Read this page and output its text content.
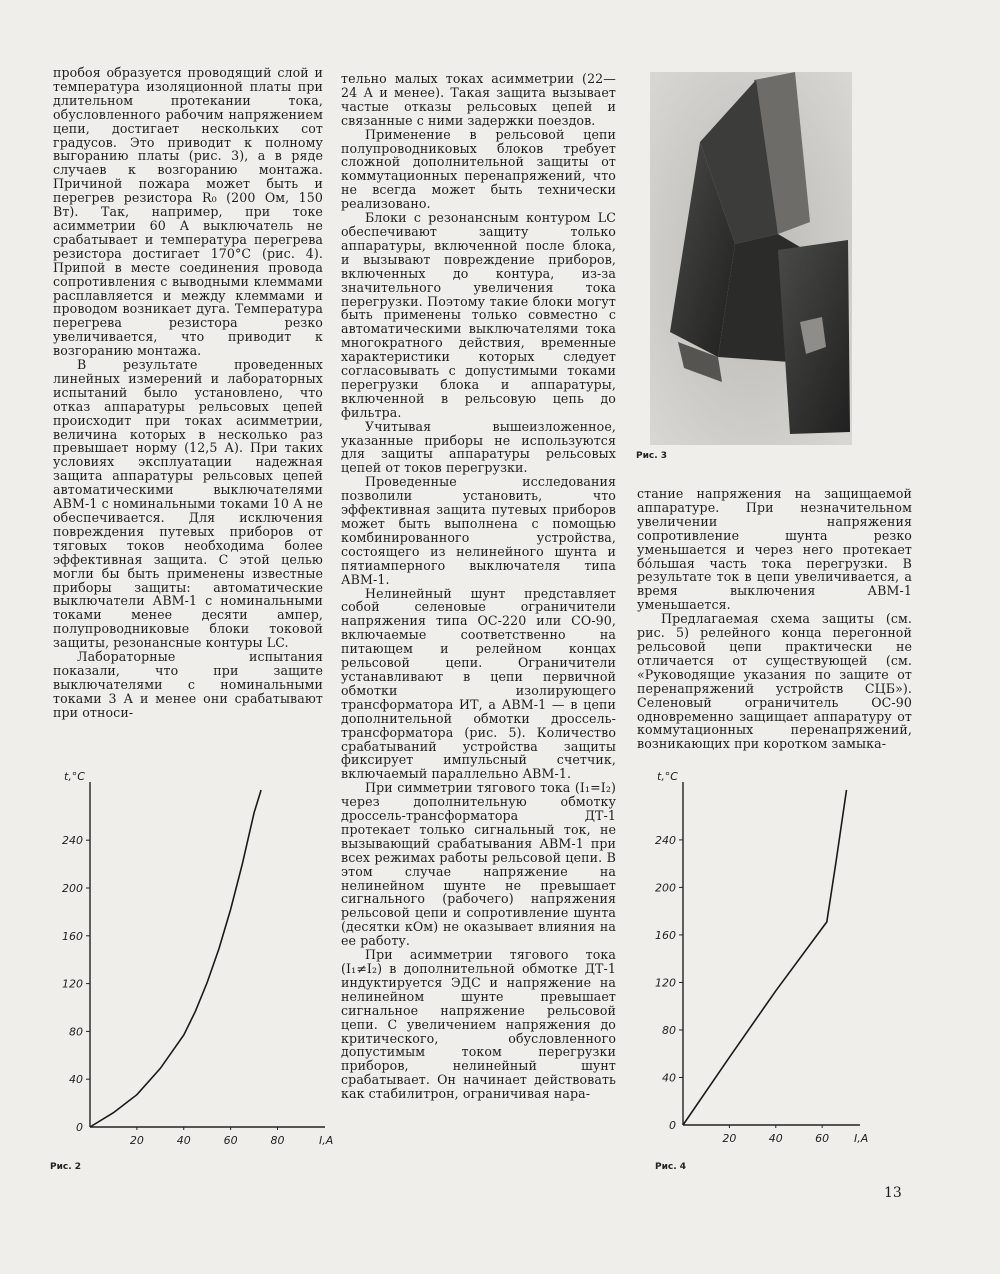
пробоя образуется проводящий слой и температура изоляционной платы при длительном протекании тока, обусловленного рабочим напряжением цепи, достигает нескольких сот градусов. Это приводит к полному выгоранию платы (рис. 3), а в ряде случаев к возгоранию монтажа. Причиной пожара может быть и перегрев резистора R₀ (200 Ом, 150 Вт). Так, например, при токе асимметрии 60 А выключатель не срабатывает и температура перегрева резистора достигает 170°С (рис. 4). Припой в месте соединения провода сопротивления с выводными клеммами расплавляется и между клеммами и проводом возникает дуга. Температура перегрева резистора резко увеличивается, что приводит к возгоранию монтажа.

В результате проведенных линейных измерений и лабораторных испытаний было установлено, что отказ аппаратуры рельсовых цепей происходит при токах асимметрии, величина которых в несколько раз превышает норму (12,5 А). При таких условиях эксплуатации надежная защита аппаратуры рельсовых цепей автоматическими выключателями АВМ-1 с номинальными токами 10 А не обеспечивается. Для исключения повреждения путевых приборов от тяговых токов необходима более эффективная защита. С этой целью могли бы быть применены известные приборы защиты: автоматические выключатели АВМ-1 с номинальными токами менее десяти ампер, полупроводниковые блоки токовой защиты, резонансные контуры LC.

Лабораторные испытания показали, что при защите выключателями с номинальными токами 3 А и менее они срабатывают при относи-

тельно малых токах асимметрии (22—24 А и менее). Такая защита вызывает частые отказы рельсовых цепей и связанные с ними задержки поездов.

Применение в рельсовой цепи полупроводниковых блоков требует сложной дополнительной защиты от коммутационных перенапряжений, что не всегда может быть технически реализовано.

Блоки с резонансным контуром LC обеспечивают защиту только аппаратуры, включенной после блока, и вызывают повреждение приборов, включенных до контура, из-за значительного увеличения тока перегрузки. Поэтому такие блоки могут быть применены только совместно с автоматическими выключателями тока многократного действия, временные характеристики которых следует согласовывать с допустимыми токами перегрузки блока и аппаратуры, включенной в рельсовую цепь до фильтра.

Учитывая вышеизложенное, указанные приборы не используются для защиты аппаратуры рельсовых цепей от токов перегрузки.

Проведенные исследования позволили установить, что эффективная защита путевых приборов может быть выполнена с помощью комбинированного устройства, состоящего из нелинейного шунта и пятиамперного выключателя типа АВМ-1.

Нелинейный шунт представляет собой селеновые ограничители напряжения типа ОС-220 или СО-90, включаемые соответственно на питающем и релейном концах рельсовой цепи. Ограничители устанавливают в цепи первичной обмотки изолирующего трансформатора ИТ, а АВМ-1 — в цепи дополнительной обмотки дроссель-трансформатора (рис. 5). Количество срабатываний устройства защиты фиксирует импульсный счетчик, включаемый параллельно АВМ-1.

При симметрии тягового тока (I₁=I₂) через дополнительную обмотку дроссель-трансформатора ДТ-1 протекает только сигнальный ток, не вызывающий срабатывания АВМ-1 при всех режимах работы рельсовой цепи. В этом случае напряжение на нелинейном шунте не превышает сигнального (рабочего) напряжения рельсовой цепи и сопротивление шунта (десятки кОм) не оказывает влияния на ее работу.

При асимметрии тягового тока (I₁≠I₂) в дополнительной обмотке ДТ-1 индуктируется ЭДС и напряжение на нелинейном шунте превышает сигнальное напряжение рельсовой цепи. С увеличением напряжения до критического, обусловленного допустимым током перегрузки приборов, нелинейный шунт срабатывает. Он начинает действовать как стабилитрон, ограничивая нара-

стание напряжения на защищаемой аппаратуре. При незначительном увеличении напряжения сопротивление шунта резко уменьшается и через него протекает бо́льшая часть тока перегрузки. В результате ток в цепи увеличивается, а время выключения АВМ-1 уменьшается.

Предлагаемая схема защиты (см. рис. 5) релейного конца перегонной рельсовой цепи практически не отличается от существующей (см. «Руководящие указания по защите от перенапряжений устройств СЦБ»). Селеновый ограничитель ОС-90 одновременно защищает аппаратуру от коммутационных перенапряжений, возникающих при коротком замыка-

Рис. 3
0
40
80
120
160
200
240
20	40	60	80
t,°C
I,A
Рис. 2
0
40
80
120
160
200
240
20	40	60
t,°C
I,A
Рис. 4
13
